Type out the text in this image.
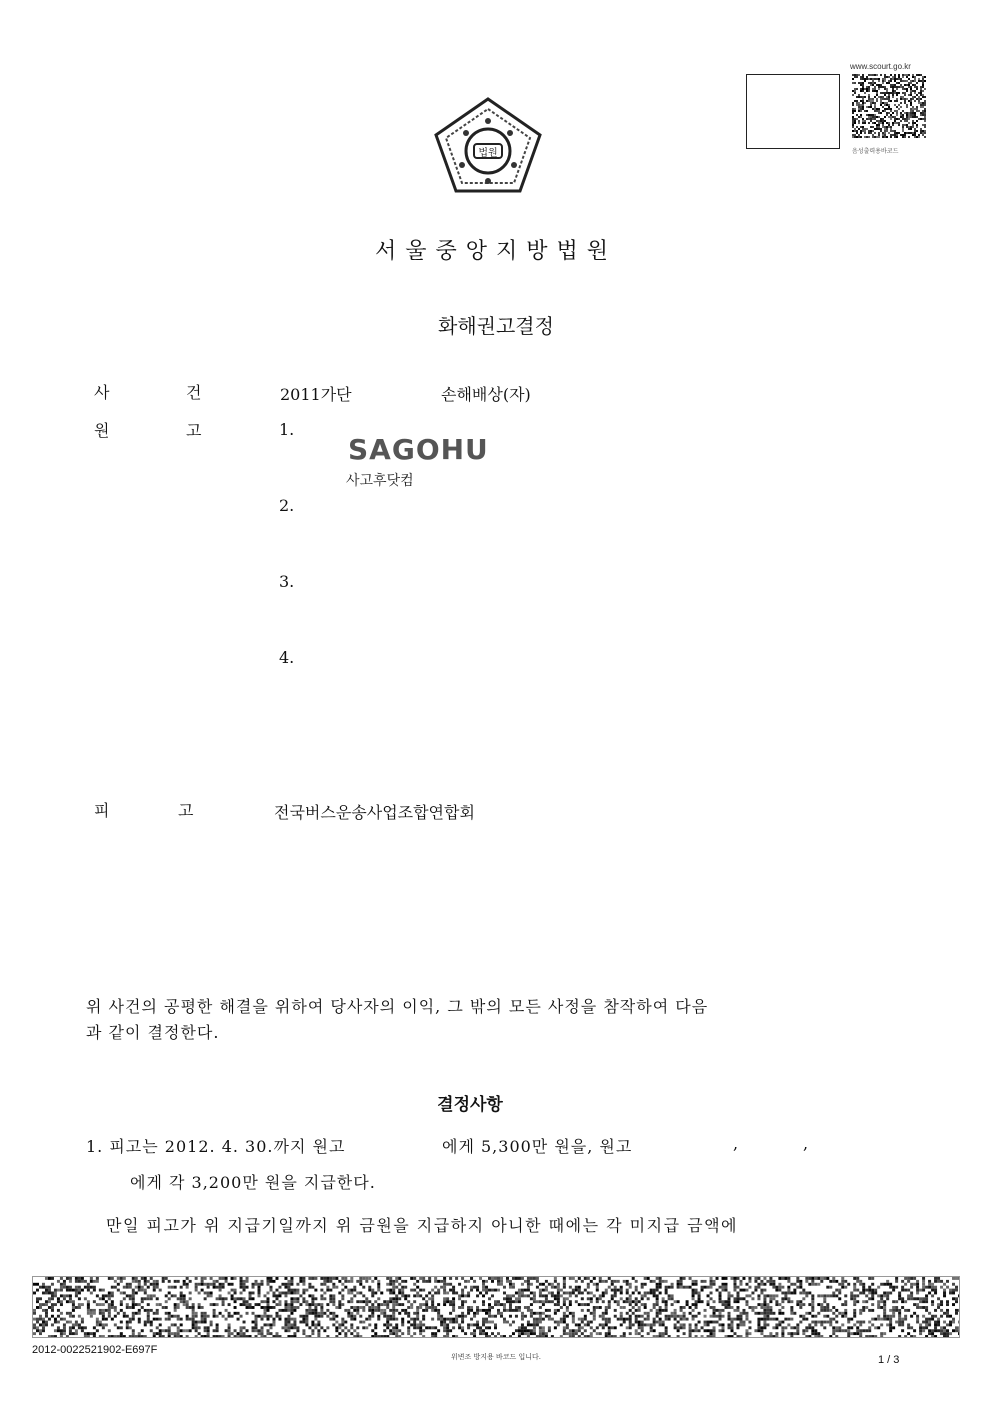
법원
www.scourt.go.kr
음성출력용바코드
서울중앙지방법원
화해권고결정
사	건	2011가단	손해배상(자)
원	고	1.
2.
3.
4.
SAGOHU
사고후닷컴
피	고	전국버스운송사업조합연합회
위 사건의 공평한 해결을 위하여 당사자의 이익, 그 밖의 모든 사정을 참작하여 다음
과 같이 결정한다.
결정사항
1. 피고는 2012. 4. 30.까지 원고	에게 5,300만 원을, 원고	,	,
에게 각 3,200만 원을 지급한다.
만일 피고가 위 지급기일까지 위 금원을 지급하지 아니한 때에는 각 미지급 금액에
2012-0022521902-E697F
위변조 방지용 바코드 입니다.	1 / 3
